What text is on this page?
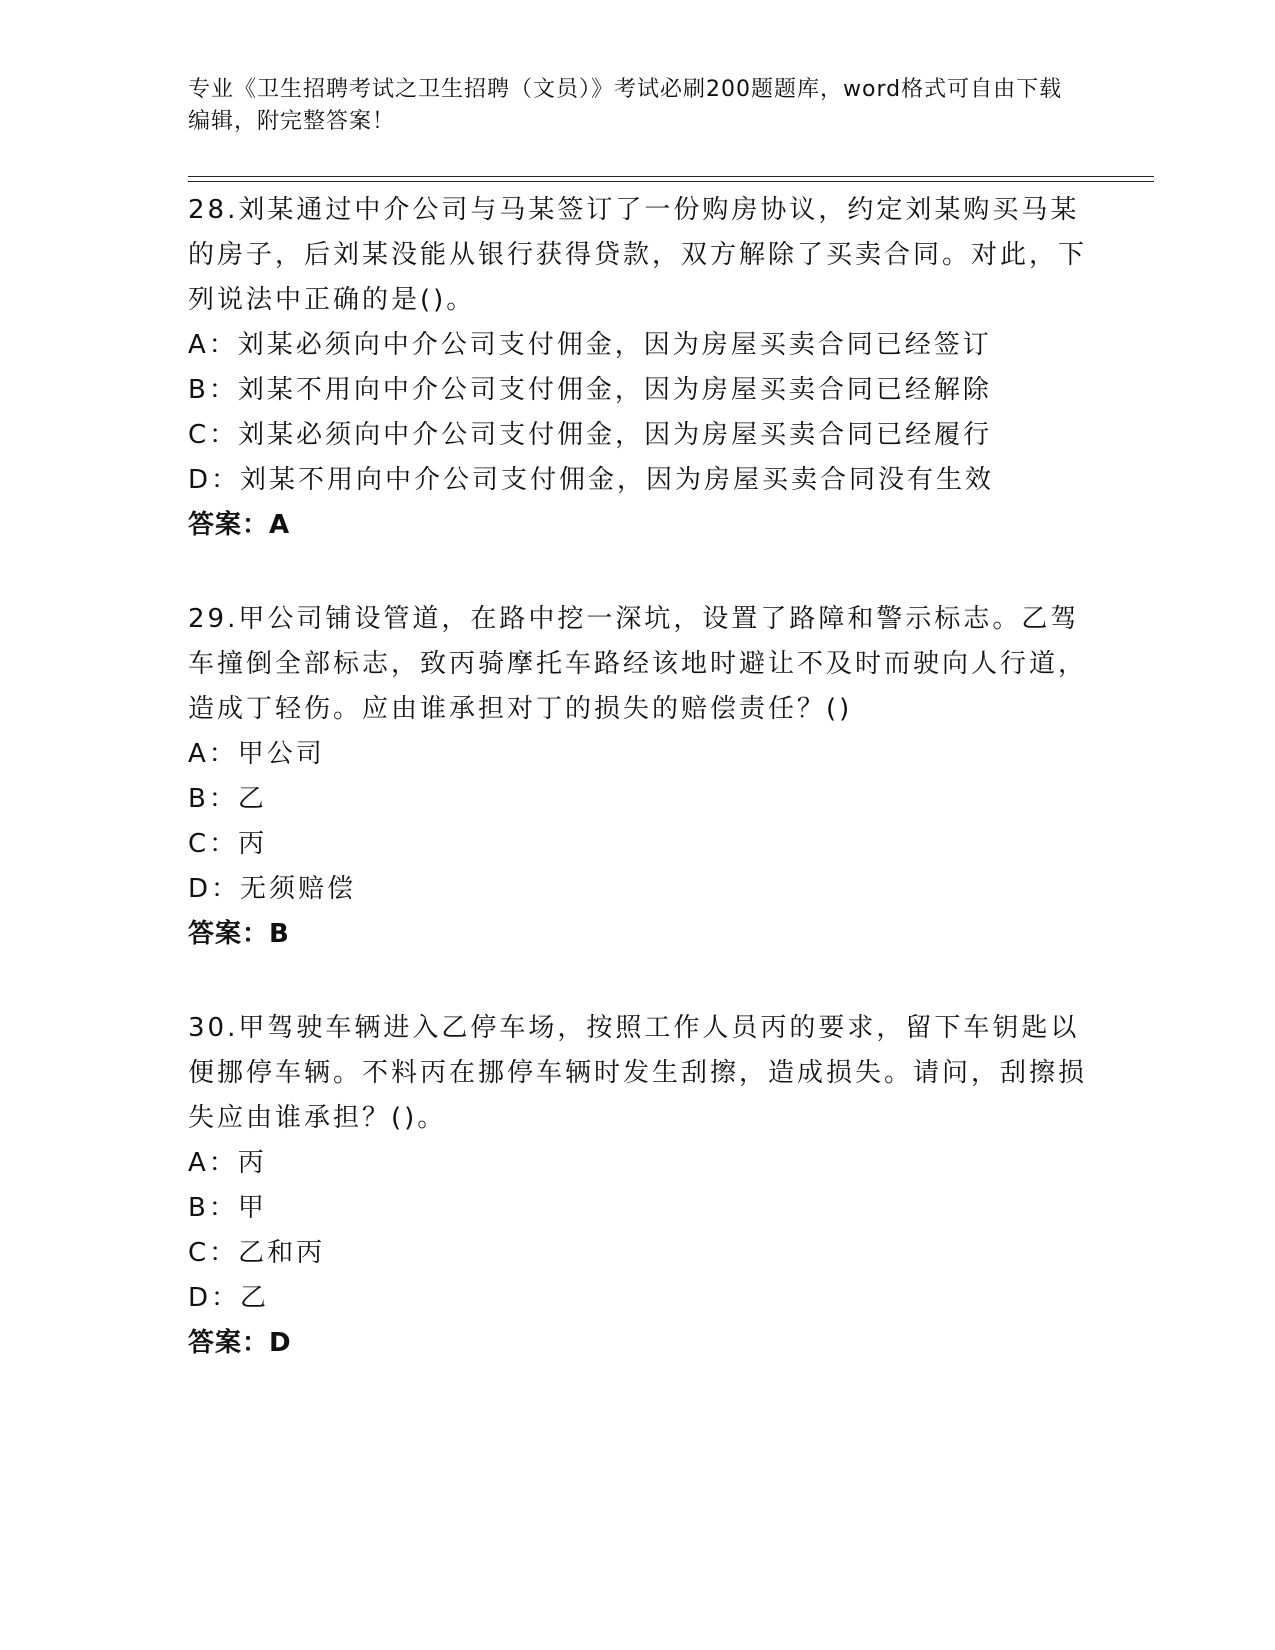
专业《卫生招聘考试之卫生招聘（文员）》考试必刷200题题库，word格式可自由下载编辑，附完整答案！

28.刘某通过中介公司与马某签订了一份购房协议，约定刘某购买马某的房子，后刘某没能从银行获得贷款，双方解除了买卖合同。对此，下列说法中正确的是()。

A：刘某必须向中介公司支付佣金，因为房屋买卖合同已经签订

B：刘某不用向中介公司支付佣金，因为房屋买卖合同已经解除

C：刘某必须向中介公司支付佣金，因为房屋买卖合同已经履行

D：刘某不用向中介公司支付佣金，因为房屋买卖合同没有生效

答案：A

29.甲公司铺设管道，在路中挖一深坑，设置了路障和警示标志。乙驾车撞倒全部标志，致丙骑摩托车路经该地时避让不及时而驶向人行道，造成丁轻伤。应由谁承担对丁的损失的赔偿责任？()

A：甲公司

B：乙

C：丙

D：无须赔偿

答案：B

30.甲驾驶车辆进入乙停车场，按照工作人员丙的要求，留下车钥匙以便挪停车辆。不料丙在挪停车辆时发生刮擦，造成损失。请问，刮擦损失应由谁承担？()。

A：丙

B：甲

C：乙和丙

D：乙

答案：D
